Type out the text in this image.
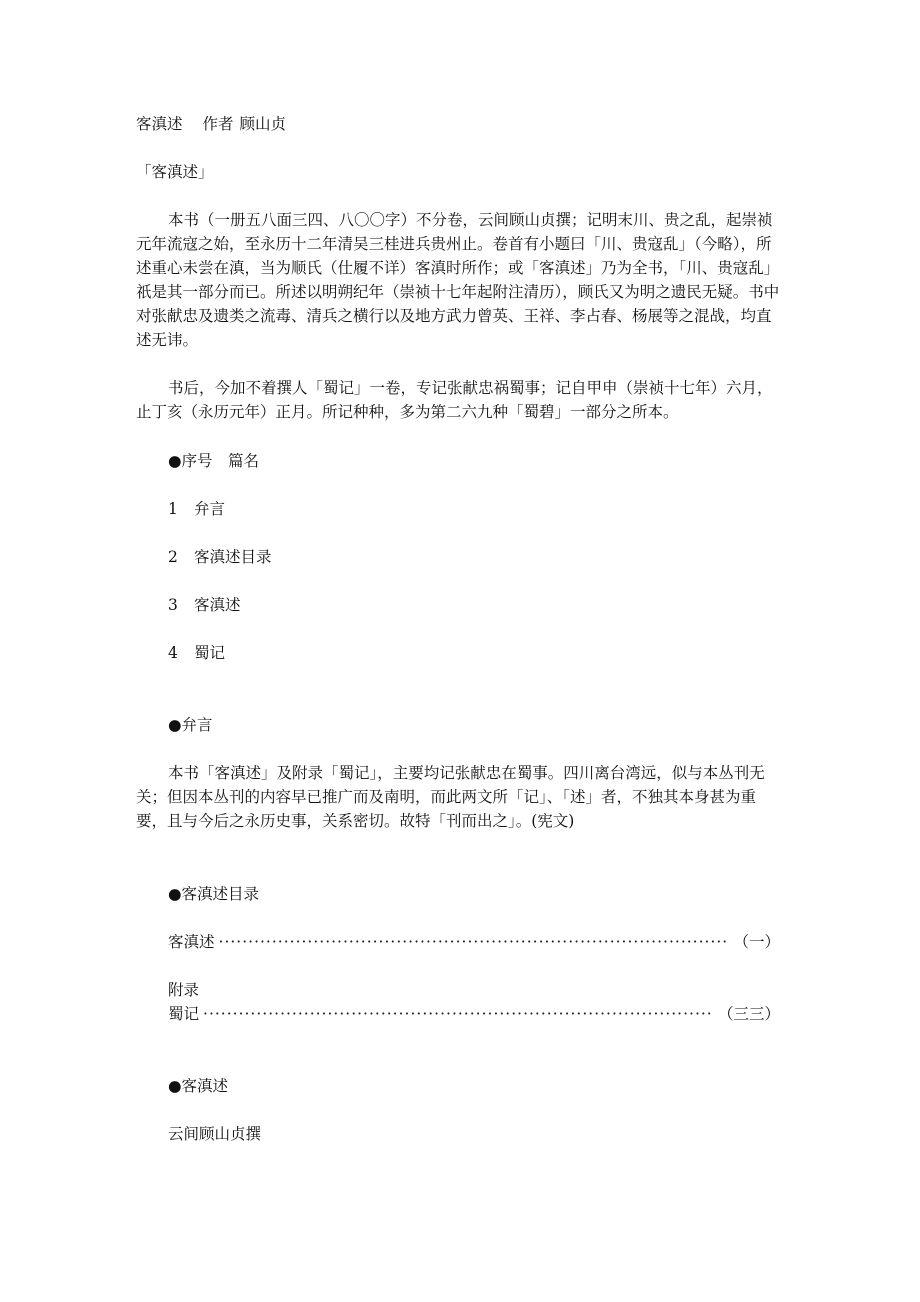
客滇述 作者 顾山贞
「客滇述」

本书（一册五八面三四、八〇〇字）不分卷，云间顾山贞撰；记明末川、贵之乱，起崇祯元年流寇之始，至永历十二年清吴三桂进兵贵州止。卷首有小题曰「川、贵寇乱」（今略），所述重心未尝在滇，当为顺氏（仕履不详）客滇时所作；或「客滇述」乃为全书，「川、贵寇乱」祇是其一部分而已。所述以明朔纪年（崇祯十七年起附注清历），顾氏又为明之遗民无疑。书中对张献忠及遗类之流毒、清兵之横行以及地方武力曾英、王祥、李占春、杨展等之混战，均直述无讳。

书后，今加不着撰人「蜀记」一卷，专记张献忠祸蜀事；记自甲申（崇祯十七年）六月，止丁亥（永历元年）正月。所记种种，多为第二六九种「蜀碧」一部分之所本。

●序号　篇名
1 弁言
2 客滇述目录
3 客滇述
4 蜀记
●弁言

本书「客滇述」及附录「蜀记」，主要均记张献忠在蜀事。四川离台湾远，似与本丛刊无关；但因本丛刊的内容早已推广而及南明，而此两文所「记」、「述」者，不独其本身甚为重要，且与今后之永历史事，关系密切。故特「刊而出之」。(宪文)

●客滇述目录
客滇述 ·····	（一）
附录
蜀记 ·····	（三三）
●客滇述
云间顾山贞撰
